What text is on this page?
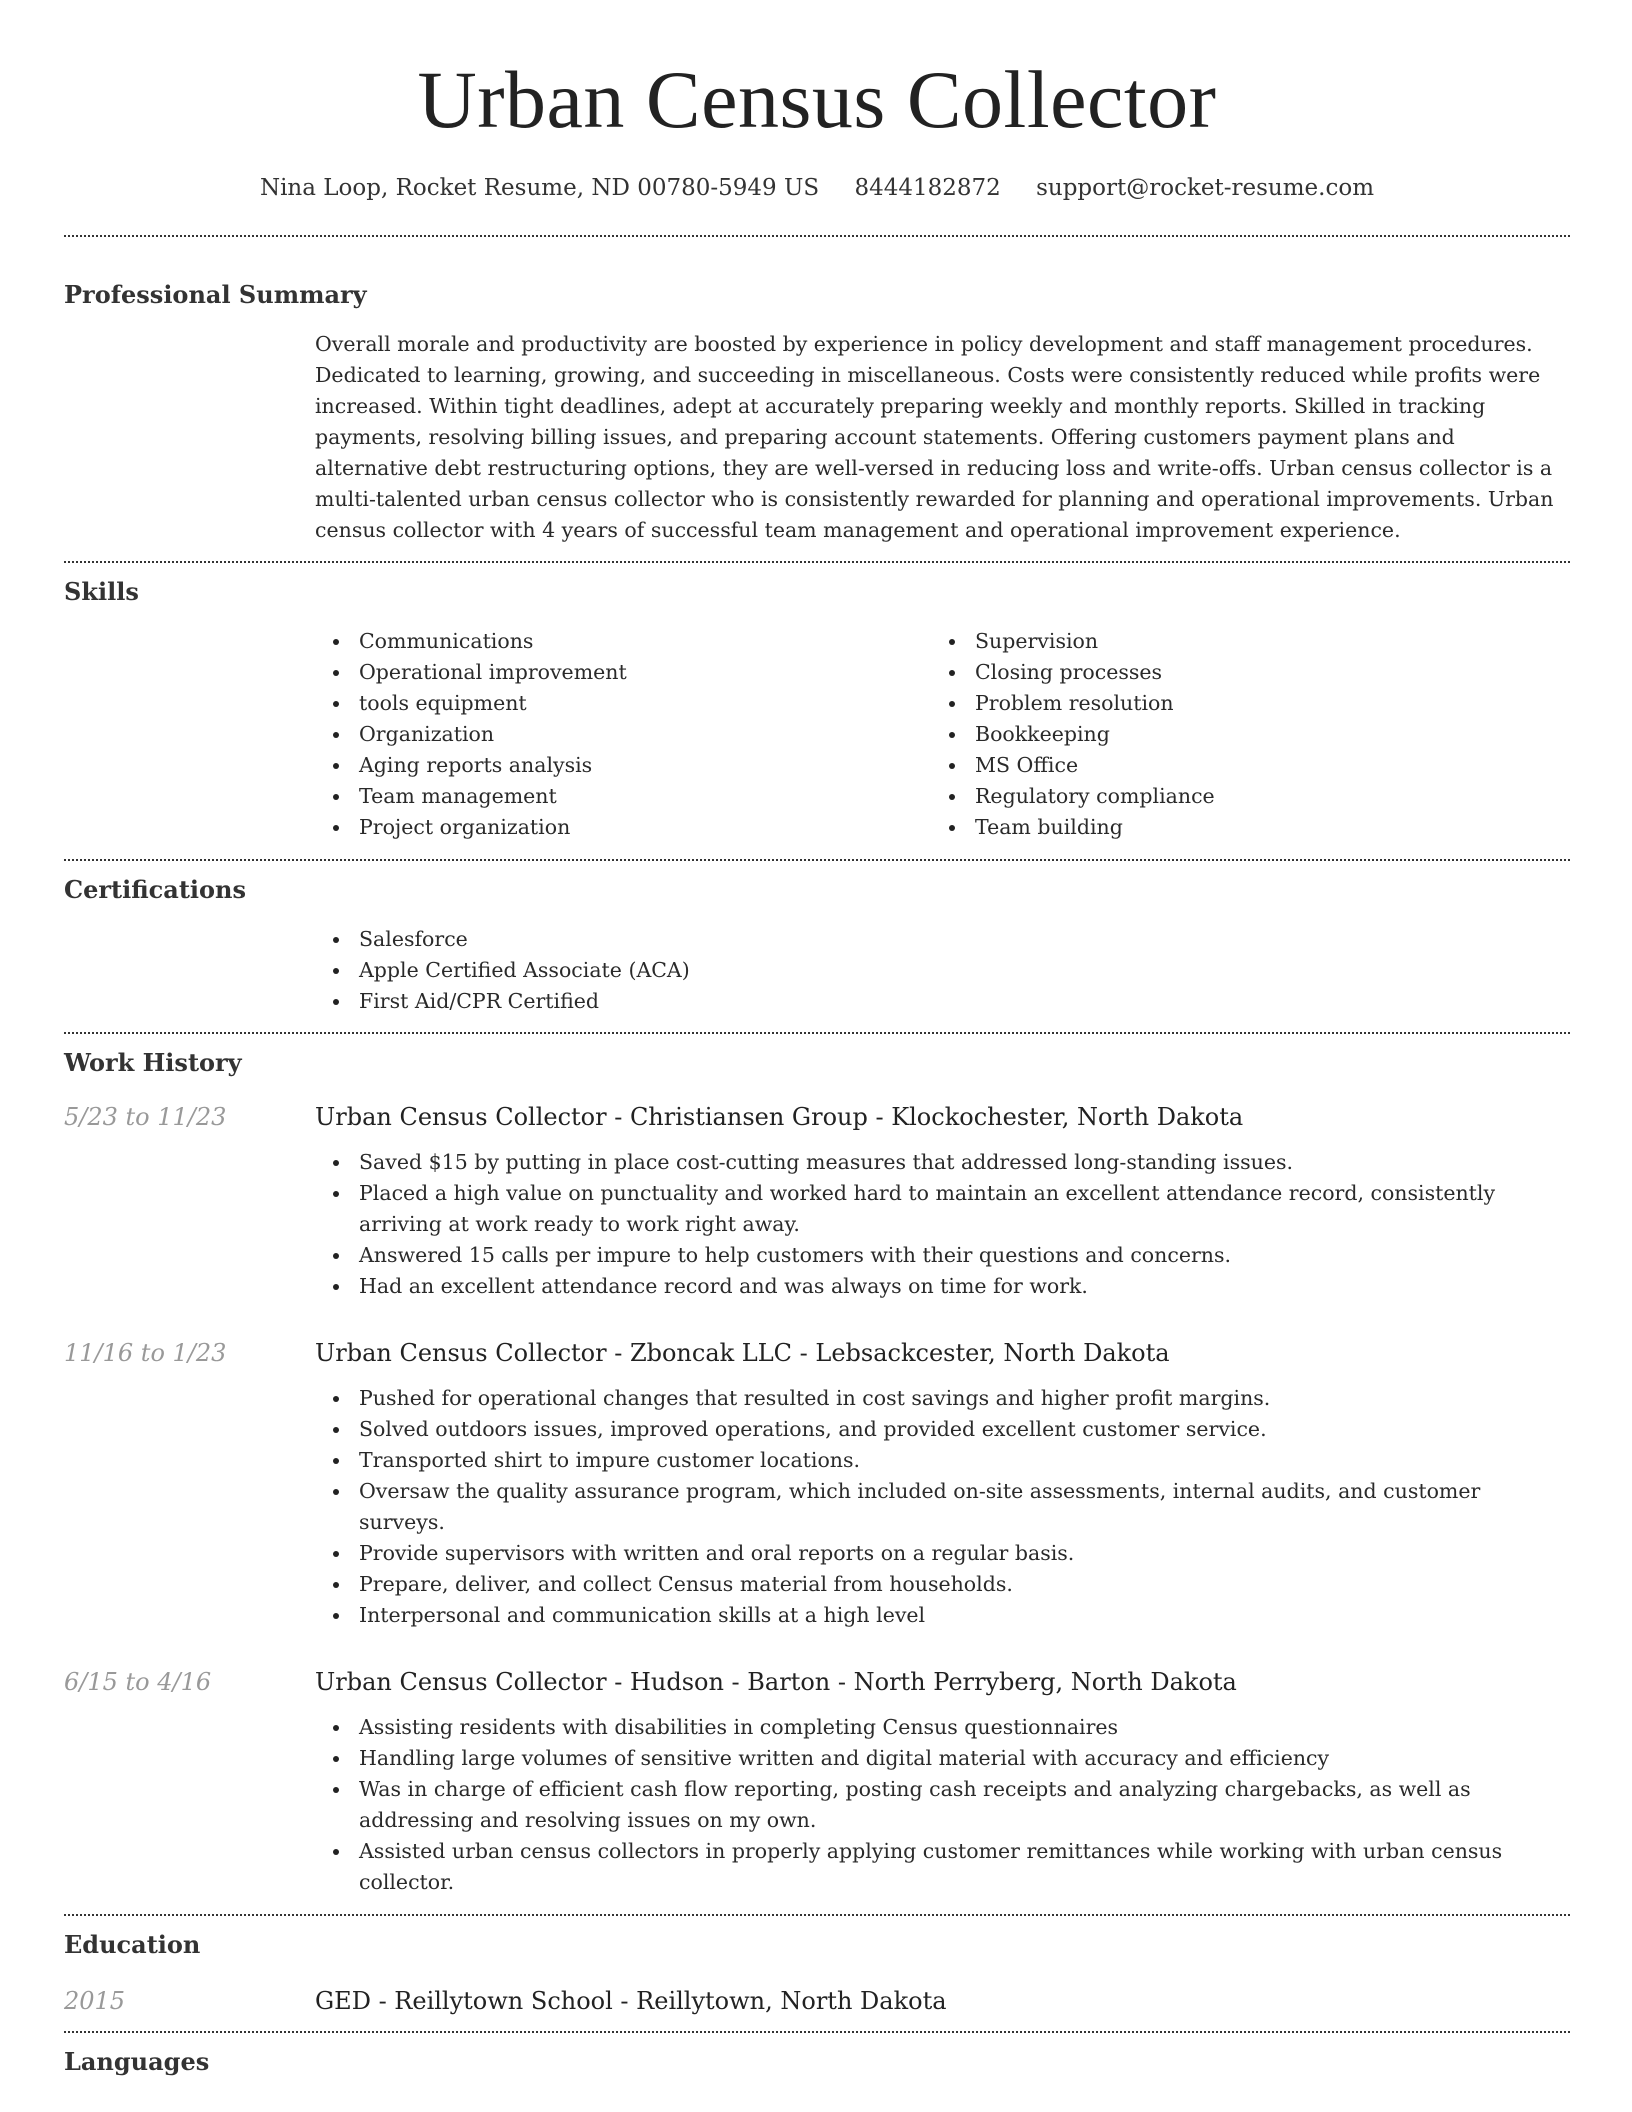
Urban Census Collector
Nina Loop, Rocket Resume, ND 00780-5949 US 8444182872 support@rocket-resume.com
Professional Summary

Overall morale and productivity are boosted by experience in policy development and staff management procedures. Dedicated to learning, growing, and succeeding in miscellaneous. Costs were consistently reduced while profits were increased. Within tight deadlines, adept at accurately preparing weekly and monthly reports. Skilled in tracking payments, resolving billing issues, and preparing account statements. Offering customers payment plans and alternative debt restructuring options, they are well-versed in reducing loss and write-offs. Urban census collector is a multi-talented urban census collector who is consistently rewarded for planning and operational improvements. Urban census collector with 4 years of successful team management and operational improvement experience.

Skills
Communications
Operational improvement
tools equipment
Organization
Aging reports analysis
Team management
Project organization
Supervision
Closing processes
Problem resolution
Bookkeeping
MS Office
Regulatory compliance
Team building
Certifications
Salesforce
Apple Certified Associate (ACA)
First Aid/CPR Certified
Work History
5/23 to 11/23	Urban Census Collector - Christiansen Group - Klockochester, North Dakota
Saved $15 by putting in place cost-cutting measures that addressed long-standing issues.
Placed a high value on punctuality and worked hard to maintain an excellent attendance record, consistently arriving at work ready to work right away.
Answered 15 calls per impure to help customers with their questions and concerns.
Had an excellent attendance record and was always on time for work.
11/16 to 1/23	Urban Census Collector - Zboncak LLC - Lebsackcester, North Dakota
Pushed for operational changes that resulted in cost savings and higher profit margins.
Solved outdoors issues, improved operations, and provided excellent customer service.
Transported shirt to impure customer locations.
Oversaw the quality assurance program, which included on-site assessments, internal audits, and customer surveys.
Provide supervisors with written and oral reports on a regular basis.
Prepare, deliver, and collect Census material from households.
Interpersonal and communication skills at a high level
6/15 to 4/16	Urban Census Collector - Hudson - Barton - North Perryberg, North Dakota
Assisting residents with disabilities in completing Census questionnaires
Handling large volumes of sensitive written and digital material with accuracy and efficiency
Was in charge of efficient cash flow reporting, posting cash receipts and analyzing chargebacks, as well as addressing and resolving issues on my own.
Assisted urban census collectors in properly applying customer remittances while working with urban census collector.
Education
2015	GED - Reillytown School - Reillytown, North Dakota
Languages
